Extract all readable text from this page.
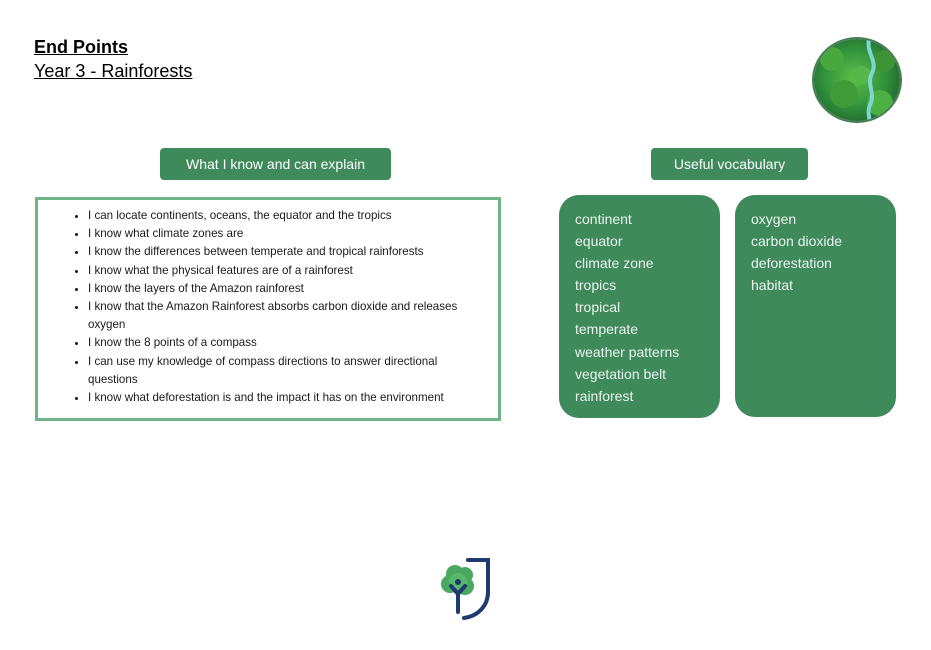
End Points
Year 3 - Rainforests
What I know and can explain	Useful vocabulary
• I can locate continents, oceans, the equator and the tropics
• I know what climate zones are
• I know the differences between temperate and tropical rainforests
• I know what the physical features are of a rainforest
• I know the layers of the Amazon rainforest
• I know that the Amazon Rainforest absorbs carbon dioxide and releases oxygen
• I know the 8 points of a compass
• I can use my knowledge of compass directions to answer directional questions
• I know what deforestation is and the impact it has on the environment
continent
equator
climate zone
tropics
tropical
temperate
weather patterns
vegetation belt
rainforest
oxygen
carbon dioxide
deforestation
habitat
